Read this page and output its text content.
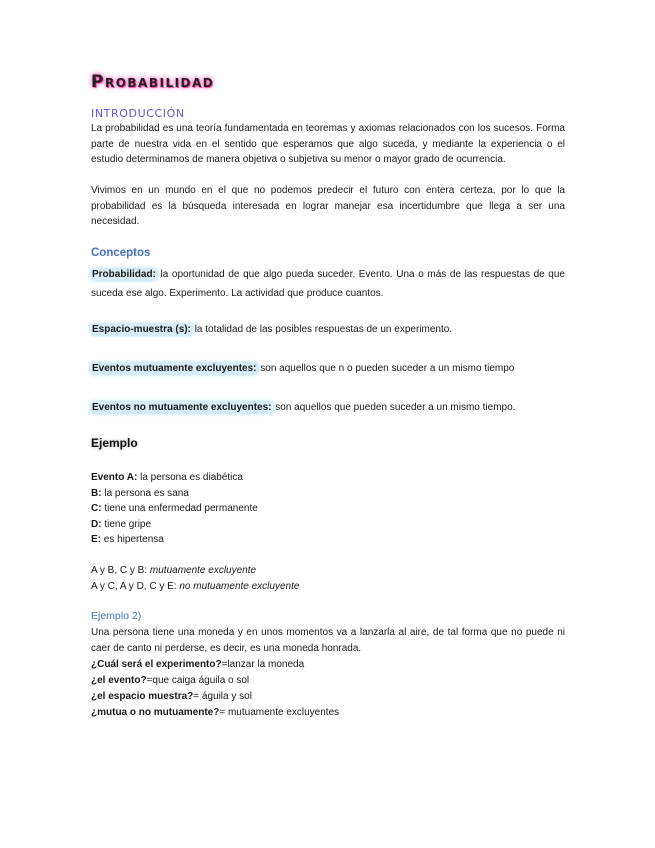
Probabilidad
INTRODUCCIÓN

La probabilidad es una teoría fundamentada en teoremas y axiomas relacionados con los sucesos. Forma parte de nuestra vida en el sentido que esperamos que algo suceda, y mediante la experiencia o el estudio determinamos de manera objetiva o subjetiva su menor o mayor grado de ocurrencia.

Vivimos en un mundo en el que no podemos predecir el futuro con entera certeza, por lo que la probabilidad es la búsqueda interesada en lograr manejar esa incertidumbre que llega a ser una necesidad.

Conceptos

Probabilidad: la oportunidad de que algo pueda suceder. Evento. Una o más de las respuestas de que suceda ese algo. Experimento. La actividad que produce cuantos.

Espacio-muestra (s): la totalidad de las posibles respuestas de un experimento.

Eventos mutuamente excluyentes: son aquellos que n o pueden suceder a un mismo tiempo

Eventos no mutuamente excluyentes: son aquellos que pueden suceder a un mismo tiempo.

Ejemplo
Evento A: la persona es diabética
B: la persona es sana
C: tiene una enfermedad permanente
D: tiene gripe
E: es hipertensa
A y B, C y B: mutuamente excluyente
A y C, A y D, C y E: no mutuamente excluyente
Ejemplo 2)

Una persona tiene una moneda y en unos momentos va a lanzarla al aire, de tal forma que no puede ni caer de canto ni perderse, es decir, es una moneda honrada.

¿Cuál será el experimento?=lanzar la moneda
¿el evento?=que caiga águila o sol
¿el espacio muestra?= águila y sol
¿mutua o no mutuamente?= mutuamente excluyentes
